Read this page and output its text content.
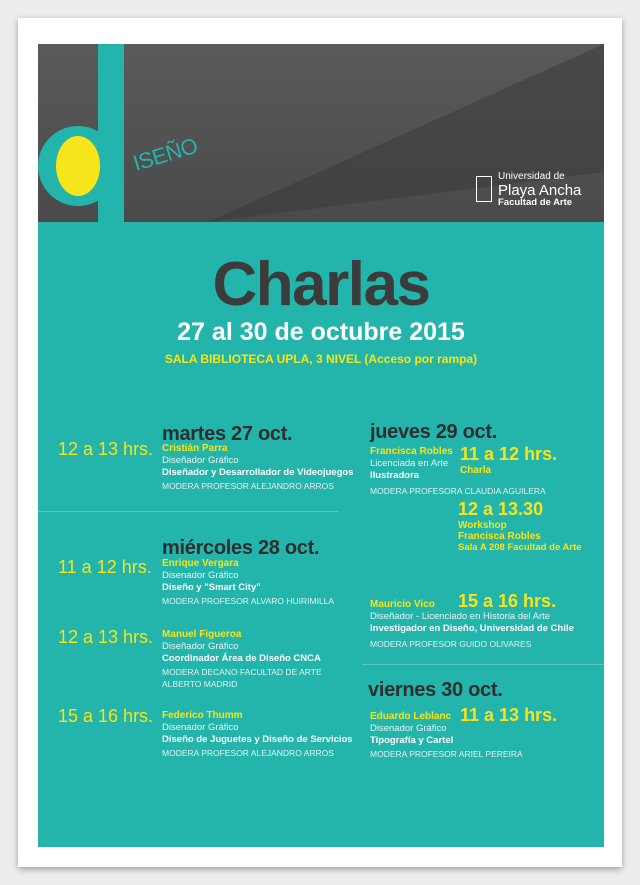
JORNADAS DE ISEÑO
Universidad de
Playa Ancha
Facultad de Arte
Charlas
27 al 30 de octubre 2015
SALA BIBLIOTECA UPLA, 3 NIVEL (Acceso por rampa)
martes 27 oct.
12 a 13 hrs. Cristián Parra
Diseñador Gráfico
Diseñador y Desarrollador de Videojuegos
MODERA PROFESOR ALEJANDRO ARROS
miércoles 28 oct.
11 a 12 hrs. Enrique Vergara
Disenador Gráfico
Diseño y "Smart City"
MODERA PROFESOR ALVARO HUIRIMILLA
12 a 13 hrs. Manuel Figueroa
Diseñador Gráfico
Coordinador Área de Diseño CNCA
MODERA DECANO FACULTAD DE ARTE
ALBERTO MADRID
15 a 16 hrs. Federico Thumm
Disenador Gráfico
Diseño de Juguetes y Diseño de Servicios
MODERA PROFESOR ALEJANDRO ARROS
jueves 29 oct.
Francisca Robles
Licenciada en Arte
Ilustradora
MODERA PROFESORA CLAUDIA AGUILERA
11 a 12 hrs.
Charla
12 a 13.30
Workshop
Francisca Robles
Sala A 208 Facultad de Arte
Mauricio Vico
Diseñador - Licenciado en Historia del Arte
Investigador en Diseño, Universidad de Chile
MODERA PROFESOR GUIDO OLIVARES
15 a 16 hrs.
viernes 30 oct.
Eduardo Leblanc
Disenador Gráfico
Tipografía y Cartel
MODERA PROFESOR ARIEL PEREIRA
11 a 13 hrs.
